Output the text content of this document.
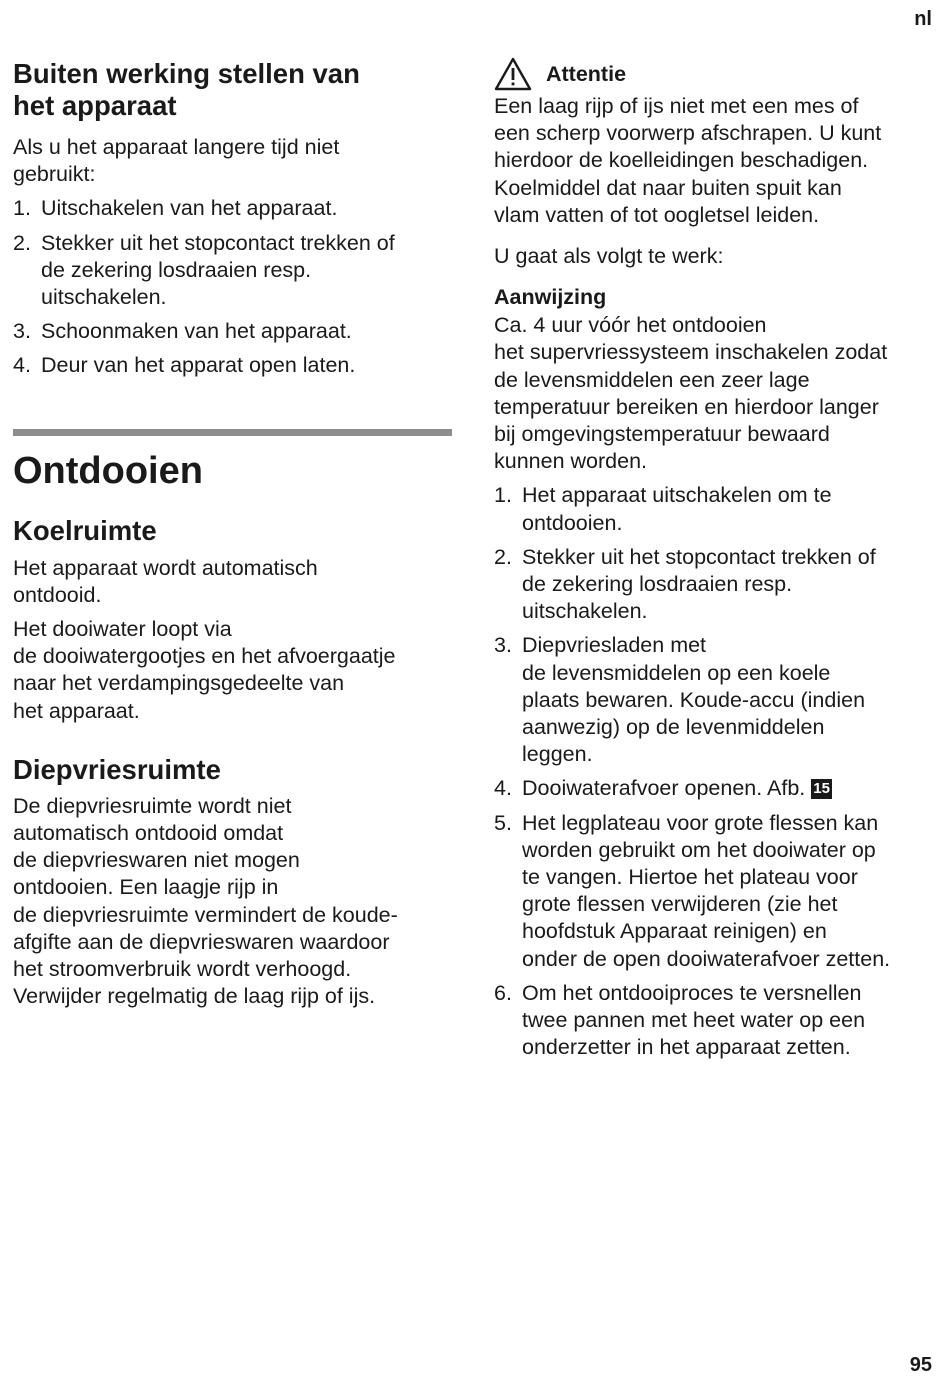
nl
Buiten werking stellen van
het apparaat

Als u het apparaat langere tijd niet
gebruikt:

1. Uitschakelen van het apparaat.
2. Stekker uit het stopcontact trekken of
de zekering losdraaien resp.
uitschakelen.
3. Schoonmaken van het apparaat.
4. Deur van het apparat open laten.
Ontdooien
Koelruimte

Het apparaat wordt automatisch
ontdooid.

Het dooiwater loopt via
de dooiwatergootjes en het afvoergaatje
naar het verdampingsgedeelte van
het apparaat.

Diepvriesruimte

De diepvriesruimte wordt niet
automatisch ontdooid omdat
de diepvrieswaren niet mogen
ontdooien. Een laagje rijp in
de diepvriesruimte vermindert de koude-
afgifte aan de diepvrieswaren waardoor
het stroomverbruik wordt verhoogd.
Verwijder regelmatig de laag rijp of ijs.

Attentie

Een laag rijp of ijs niet met een mes of
een scherp voorwerp afschrapen. U kunt
hierdoor de koelleidingen beschadigen.
Koelmiddel dat naar buiten spuit kan
vlam vatten of tot oogletsel leiden.

U gaat als volgt te werk:

Aanwijzing

Ca. 4 uur vóór het ontdooien
het supervriessysteem inschakelen zodat
de levensmiddelen een zeer lage
temperatuur bereiken en hierdoor langer
bij omgevingstemperatuur bewaard
kunnen worden.

1. Het apparaat uitschakelen om te
ontdooien.
2. Stekker uit het stopcontact trekken of
de zekering losdraaien resp.
uitschakelen.
3. Diepvriesladen met
de levensmiddelen op een koele
plaats bewaren. Koude-accu (indien
aanwezig) op de levenmiddelen
leggen.
4. Dooiwaterafvoer openen. Afb. 15
5. Het legplateau voor grote flessen kan
worden gebruikt om het dooiwater op
te vangen. Hiertoe het plateau voor
grote flessen verwijderen (zie het
hoofdstuk Apparaat reinigen) en
onder de open dooiwaterafvoer zetten.
6. Om het ontdooiproces te versnellen
twee pannen met heet water op een
onderzetter in het apparaat zetten.
95
